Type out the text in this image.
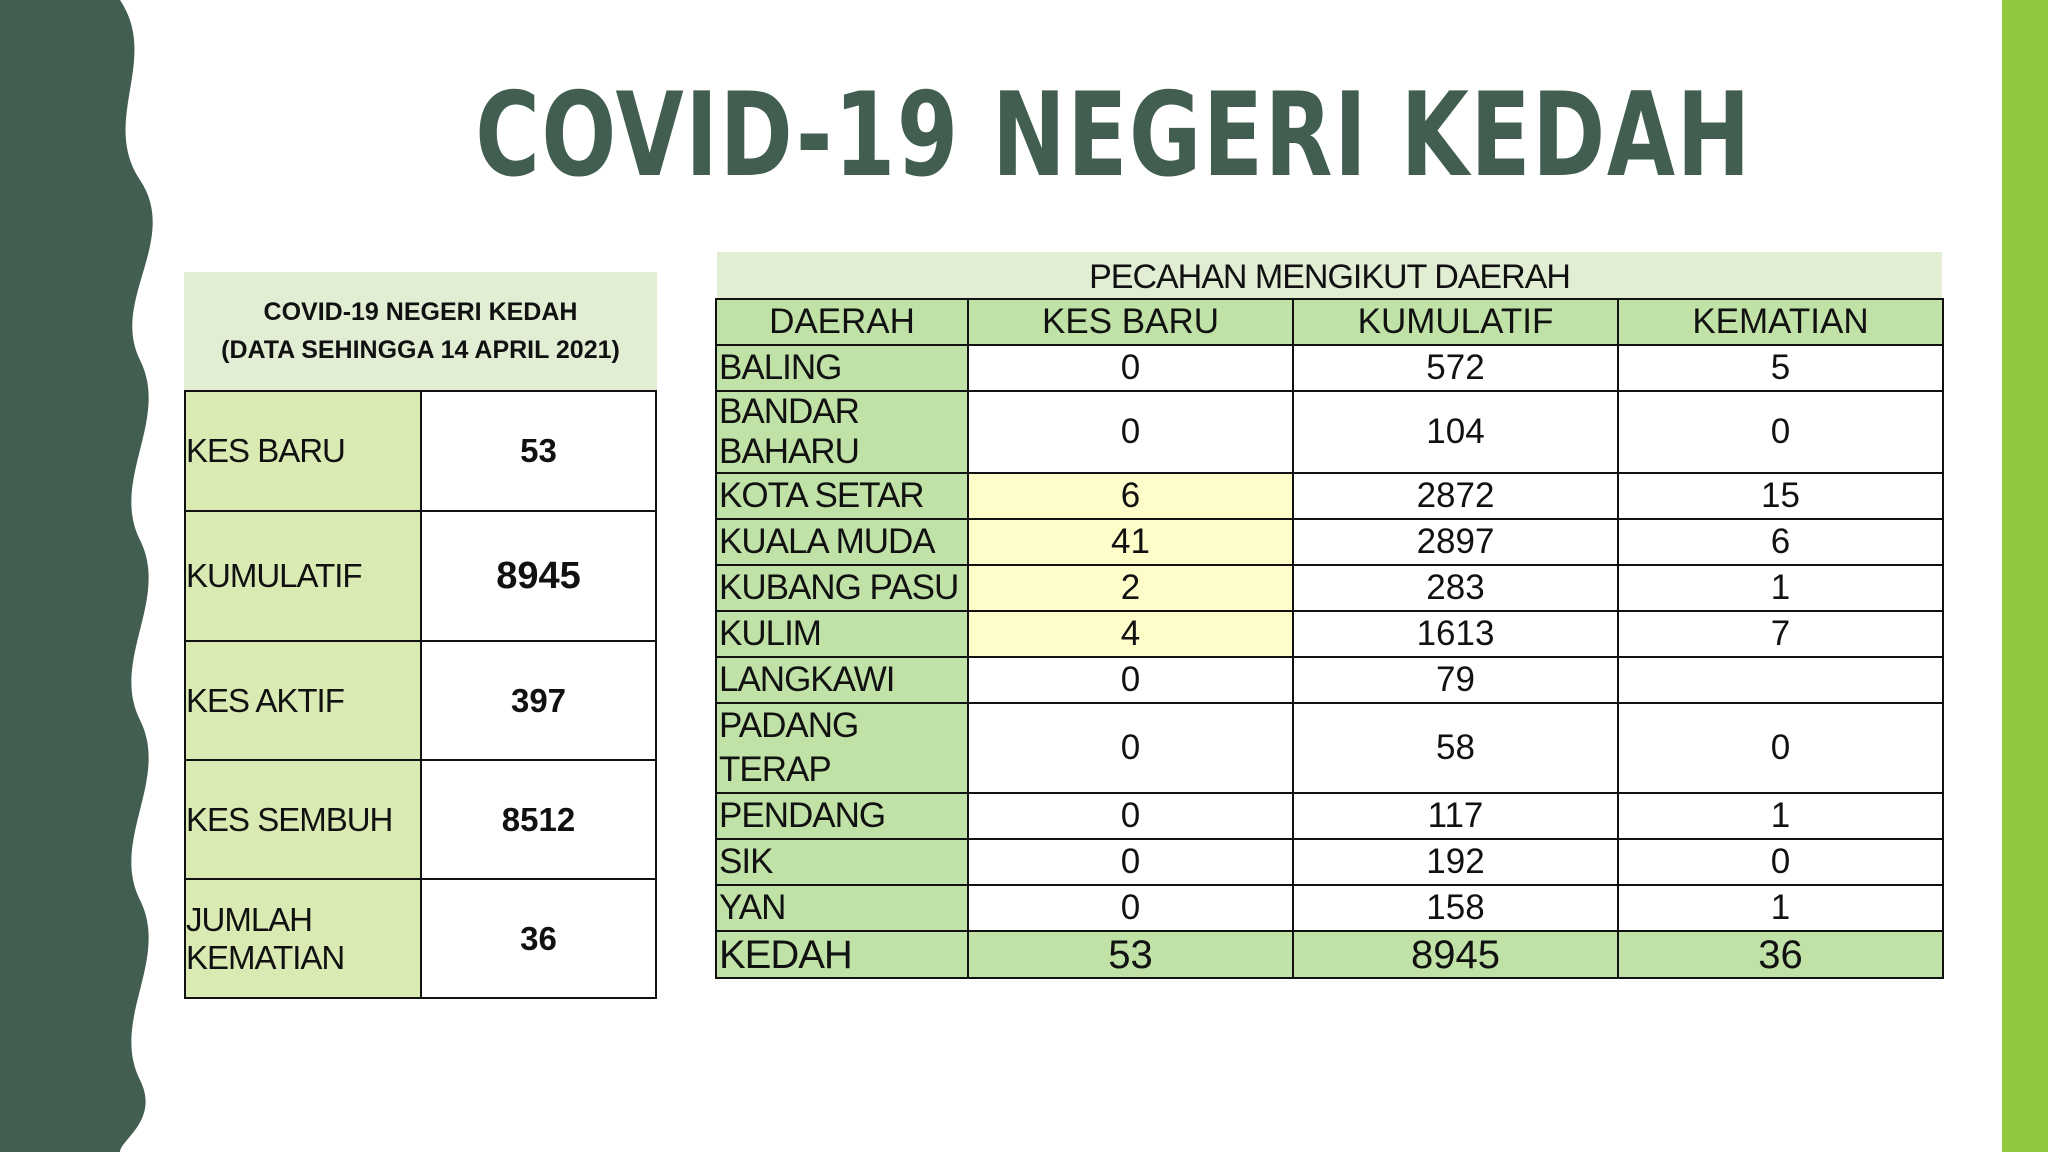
COVID-19 NEGERI KEDAH
COVID-19 NEGERI KEDAH
(DATA SEHINGGA 14 APRIL 2021)
KES BARU	53
KUMULATIF	8945
KES AKTIF	397
KES SEMBUH	8512

JUMLAH
KEMATIAN	36
PECAHAN MENGIKUT DAERAH
DAERAH	KES BARU	KUMULATIF	KEMATIAN
BALING	0	572	5

BANDAR
BAHARU	0	104	0
KOTA SETAR	6	2872	15
KUALA MUDA	41	2897	6
KUBANG PASU	2	283	1
KULIM	4	1613	7
LANGKAWI	0	79	
PADANG TERAP	0	58	0
PENDANG	0	117	1
SIK	0	192	0
YAN	0	158	1
KEDAH	53	8945	36
